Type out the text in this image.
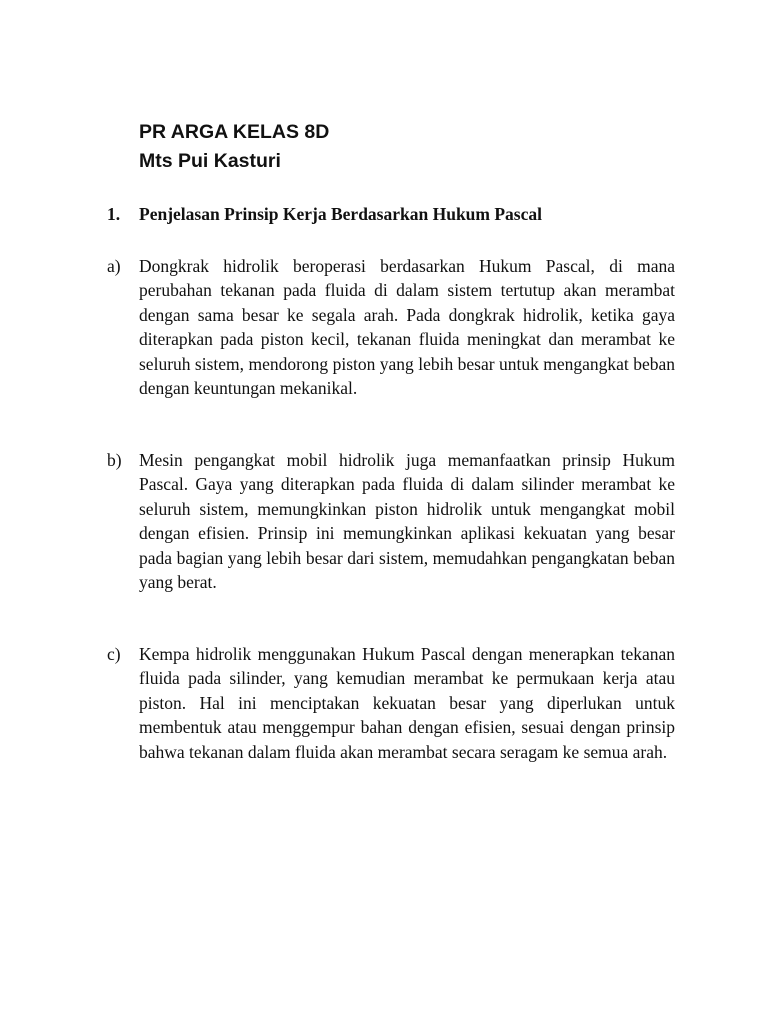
PR ARGA KELAS 8D
Mts Pui Kasturi
1. Penjelasan Prinsip Kerja Berdasarkan Hukum Pascal
a)	Dongkrak hidrolik beroperasi berdasarkan Hukum Pascal, di mana perubahan tekanan pada fluida di dalam sistem tertutup akan merambat dengan sama besar ke segala arah. Pada dongkrak hidrolik, ketika gaya diterapkan pada piston kecil, tekanan fluida meningkat dan merambat ke seluruh sistem, mendorong piston yang lebih besar untuk mengangkat beban dengan keuntungan mekanikal.
b) Mesin pengangkat mobil hidrolik juga memanfaatkan prinsip Hukum Pascal. Gaya yang diterapkan pada fluida di dalam silinder merambat ke seluruh sistem, memungkinkan piston hidrolik untuk mengangkat mobil dengan efisien. Prinsip ini memungkinkan aplikasi kekuatan yang besar pada bagian yang lebih besar dari sistem, memudahkan pengangkatan beban yang berat.
c)	Kempa hidrolik menggunakan Hukum Pascal dengan menerapkan tekanan fluida pada silinder, yang kemudian merambat ke permukaan kerja atau piston. Hal ini menciptakan kekuatan besar yang diperlukan untuk membentuk atau menggempur bahan dengan efisien, sesuai dengan prinsip bahwa tekanan dalam fluida akan merambat secara seragam ke semua arah.
